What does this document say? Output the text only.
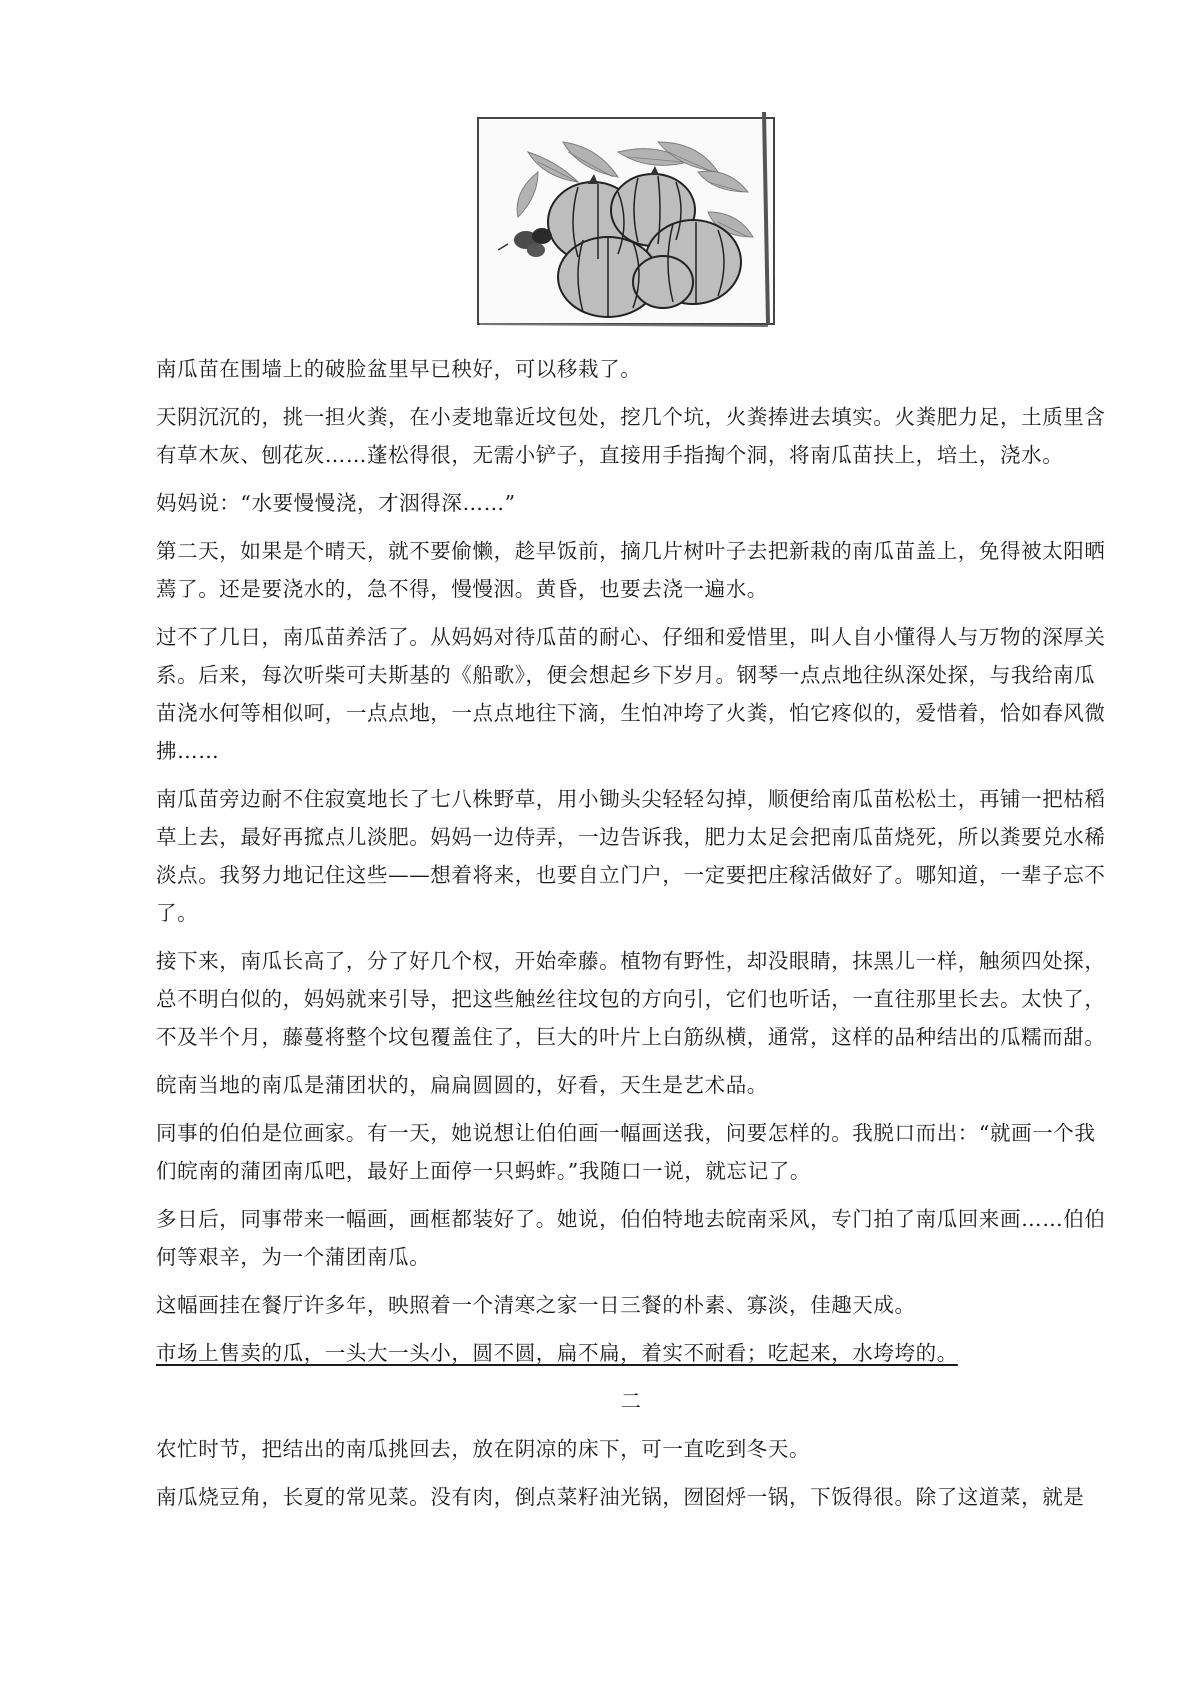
南瓜苗在围墙上的破脸盆里早已秧好，可以移栽了。

天阴沉沉的，挑一担火粪，在小麦地靠近坟包处，挖几个坑，火粪捧进去填实。火粪肥力足，土质里含有草木灰、刨花灰……蓬松得很，无需小铲子，直接用手指掏个洞，将南瓜苗扶上，培土，浇水。

妈妈说：“水要慢慢浇，才洇得深……”

第二天，如果是个晴天，就不要偷懒，趁早饭前，摘几片树叶子去把新栽的南瓜苗盖上，免得被太阳晒蔫了。还是要浇水的，急不得，慢慢洇。黄昏，也要去浇一遍水。

过不了几日，南瓜苗养活了。从妈妈对待瓜苗的耐心、仔细和爱惜里，叫人自小懂得人与万物的深厚关系。后来，每次听柴可夫斯基的《船歌》，便会想起乡下岁月。钢琴一点点地往纵深处探，与我给南瓜苗浇水何等相似呵，一点点地，一点点地往下滴，生怕冲垮了火粪，怕它疼似的，爱惜着，恰如春风微拂……

南瓜苗旁边耐不住寂寞地长了七八株野草，用小锄头尖轻轻勾掉，顺便给南瓜苗松松土，再铺一把枯稻草上去，最好再搲点儿淡肥。妈妈一边侍弄，一边告诉我，肥力太足会把南瓜苗烧死，所以粪要兑水稀淡点。我努力地记住这些——想着将来，也要自立门户，一定要把庄稼活做好了。哪知道，一辈子忘不了。

接下来，南瓜长高了，分了好几个杈，开始牵藤。植物有野性，却没眼睛，抹黑儿一样，触须四处探，总不明白似的，妈妈就来引导，把这些触丝往坟包的方向引，它们也听话，一直往那里长去。太快了，不及半个月，藤蔓将整个坟包覆盖住了，巨大的叶片上白筋纵横，通常，这样的品种结出的瓜糯而甜。

皖南当地的南瓜是蒲团状的，扁扁圆圆的，好看，天生是艺术品。

同事的伯伯是位画家。有一天，她说想让伯伯画一幅画送我，问要怎样的。我脱口而出：“就画一个我们皖南的蒲团南瓜吧，最好上面停一只蚂蚱。”我随口一说，就忘记了。

多日后，同事带来一幅画，画框都装好了。她说，伯伯特地去皖南采风，专门拍了南瓜回来画……伯伯何等艰辛，为一个蒲团南瓜。

这幅画挂在餐厅许多年，映照着一个清寒之家一日三餐的朴素、寡淡，佳趣天成。

市场上售卖的瓜，一头大一头小，圆不圆，扁不扁，着实不耐看；吃起来，水垮垮的。

二

农忙时节，把结出的南瓜挑回去，放在阴凉的床下，可一直吃到冬天。

南瓜烧豆角，长夏的常见菜。没有肉，倒点菜籽油光锅，囫囵烀一锅，下饭得很。除了这道菜，就是
